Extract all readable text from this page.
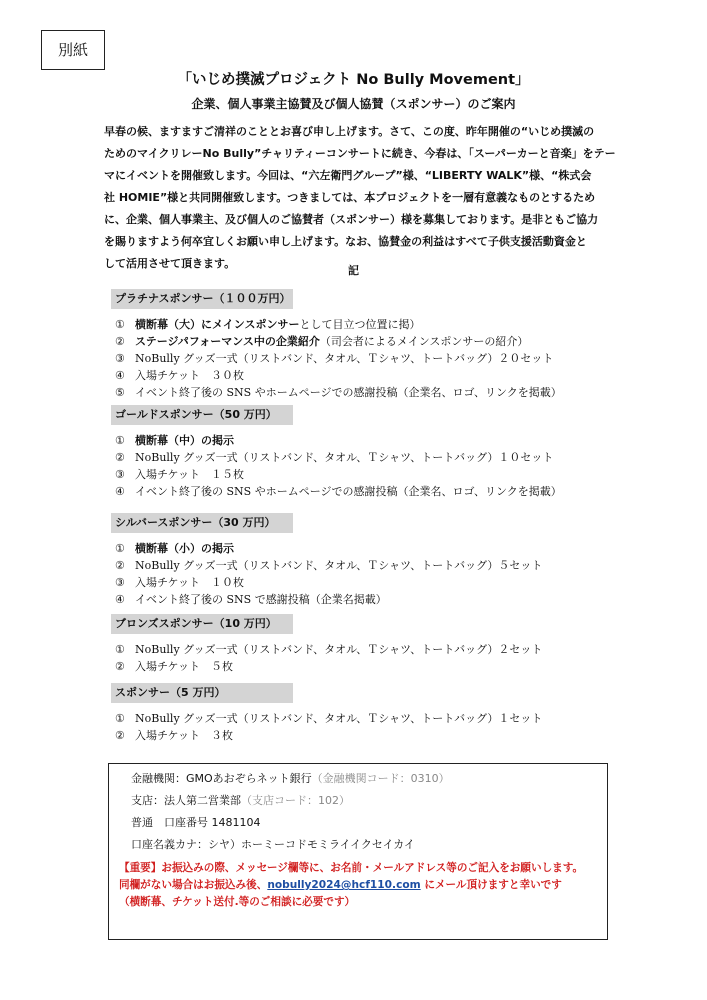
別紙
「いじめ撲滅プロジェクト No Bully Movement」
企業、個人事業主協賛及び個人協賛（スポンサー）のご案内

早春の候、ますますご清祥のこととお喜び申し上げます。さて、この度、昨年開催の“いじめ撲滅の
ためのマイクリレーNo Bully”チャリティーコンサートに続き、今春は、「スーパーカーと音楽」をテー
マにイベントを開催致します。今回は、“六左衛門グループ”様、“LIBERTY WALK”様、“株式会
社 HOMIE”様と共同開催致します。つきましては、本プロジェクトを一層有意義なものとするため
に、企業、個人事業主、及び個人のご協賛者（スポンサー）様を募集しております。是非ともご協力
を賜りますよう何卒宜しくお願い申し上げます。なお、協賛金の利益はすべて子供支援活動資金と
して活用させて頂きます。

記
プラチナスポンサー（１００万円）
① 横断幕（大）にメインスポンサーとして目立つ位置に掲）
② ステージパフォーマンス中の企業紹介（司会者によるメインスポンサーの紹介）
③ NoBully グッズ一式（リストバンド、タオル、Ｔシャツ、トートバッグ）２０セット
④ 入場チケット　３０枚
⑤ イベント終了後の SNS やホームページでの感謝投稿（企業名、ロゴ、リンクを掲載）
ゴールドスポンサー（50 万円）
① 横断幕（中）の掲示
② NoBully グッズ一式（リストバンド、タオル、Ｔシャツ、トートバッグ）１０セット
③ 入場チケット　１５枚
④ イベント終了後の SNS やホームページでの感謝投稿（企業名、ロゴ、リンクを掲載）
シルバースポンサー（30 万円）
① 横断幕（小）の掲示
② NoBully グッズ一式（リストバンド、タオル、Ｔシャツ、トートバッグ）５セット
③ 入場チケット　１０枚
④ イベント終了後の SNS で感謝投稿（企業名掲載）
ブロンズスポンサー（10 万円）
① NoBully グッズ一式（リストバンド、タオル、Ｔシャツ、トートバッグ）２セット
② 入場チケット　５枚
スポンサー（5 万円）
① NoBully グッズ一式（リストバンド、タオル、Ｔシャツ、トートバッグ）１セット
② 入場チケット　３枚
金融機関：GMOあおぞらネット銀行（金融機関コード：0310）
支店：法人第二営業部（支店コード：102）
普通　口座番号 1481104
口座名義カナ：シヤ）ホーミーコドモミライイクセイカイ
【重要】お振込みの際、メッセージ欄等に、お名前・メールアドレス等のご記入をお願いします。
同欄がない場合はお振込み後、nobully2024@hcf110.com にメール頂けますと幸いです
（横断幕、チケット送付.等のご相談に必要です）
